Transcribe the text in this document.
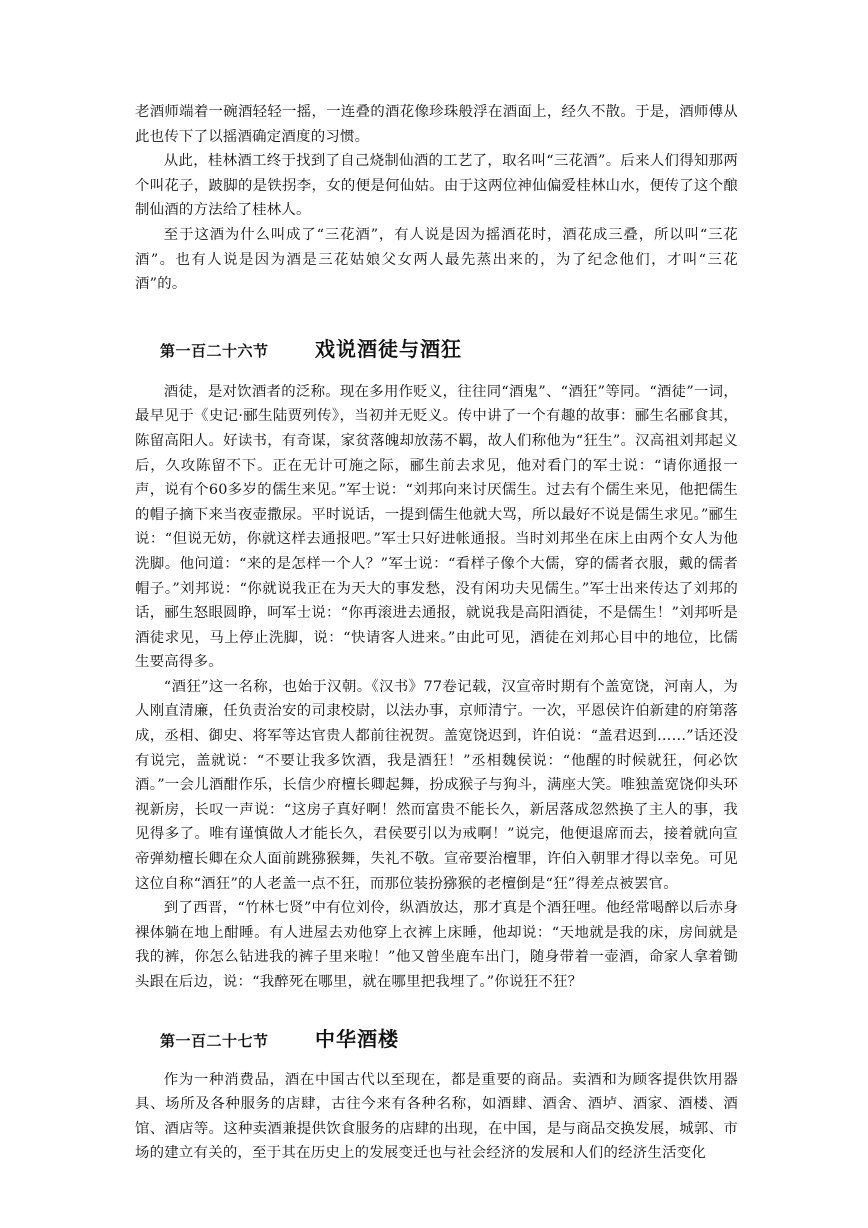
老酒师端着一碗酒轻轻一摇，一连叠的酒花像珍珠般浮在酒面上，经久不散。于是，酒师傅从此也传下了以摇酒确定酒度的习惯。

从此，桂林酒工终于找到了自己烧制仙酒的工艺了，取名叫“三花酒”。后来人们得知那两个叫花子，跛脚的是铁拐李，女的便是何仙姑。由于这两位神仙偏爱桂林山水，便传了这个酿制仙酒的方法给了桂林人。

至于这酒为什么叫成了“三花酒”，有人说是因为摇酒花时，酒花成三叠，所以叫“三花酒”。也有人说是因为酒是三花姑娘父女两人最先蒸出来的，为了纪念他们，才叫“三花酒”的。

第一百二十六节	戏说酒徒与酒狂

酒徒，是对饮酒者的泛称。现在多用作贬义，往往同“酒鬼”、“酒狂”等同。“酒徒”一词，最早见于《史记·郦生陆贾列传》，当初并无贬义。传中讲了一个有趣的故事：郦生名郦食其，陈留高阳人。好读书，有奇谋，家贫落魄却放荡不羁，故人们称他为“狂生”。汉高祖刘邦起义后，久攻陈留不下。正在无计可施之际，郦生前去求见，他对看门的军士说：“请你通报一声，说有个60多岁的儒生来见。”军士说：“刘邦向来讨厌儒生。过去有个儒生来见，他把儒生的帽子摘下来当夜壶撒尿。平时说话，一提到儒生他就大骂，所以最好不说是儒生求见。”郦生说：“但说无妨，你就这样去通报吧。”军士只好进帐通报。当时刘邦坐在床上由两个女人为他洗脚。他问道：“来的是怎样一个人？”军士说：“看样子像个大儒，穿的儒者衣服，戴的儒者帽子。”刘邦说：“你就说我正在为天大的事发愁，没有闲功夫见儒生。”军士出来传达了刘邦的话，郦生怒眼圆睁，呵军士说：“你再滚进去通报，就说我是高阳酒徒，不是儒生！”刘邦听是酒徒求见，马上停止洗脚，说：“快请客人进来。”由此可见，酒徒在刘邦心目中的地位，比儒生要高得多。

“酒狂”这一名称，也始于汉朝。《汉书》77卷记载，汉宣帝时期有个盖宽饶，河南人，为人刚直清廉，任负责治安的司隶校尉，以法办事，京师清宁。一次，平恩侯许伯新建的府第落成，丞相、御史、将军等达官贵人都前往祝贺。盖宽饶迟到，许伯说：“盖君迟到……”话还没有说完，盖就说：“不要让我多饮酒，我是酒狂！”丞相魏侯说：“他醒的时候就狂，何必饮酒。”一会儿酒酣作乐，长信少府檀长卿起舞，扮成猴子与狗斗，满座大笑。唯独盖宽饶仰头环视新房，长叹一声说：“这房子真好啊！然而富贵不能长久，新居落成忽然换了主人的事，我见得多了。唯有谨慎做人才能长久，君侯要引以为戒啊！”说完，他便退席而去，接着就向宣帝弹劾檀长卿在众人面前跳猕猴舞，失礼不敬。宣帝要治檀罪，许伯入朝罪才得以幸免。可见这位自称“酒狂”的人老盖一点不狂，而那位装扮猕猴的老檀倒是“狂”得差点被罢官。

到了西晋，“竹林七贤”中有位刘伶，纵酒放达，那才真是个酒狂哩。他经常喝醉以后赤身裸体躺在地上酣睡。有人进屋去劝他穿上衣裤上床睡，他却说：“天地就是我的床，房间就是我的裤，你怎么钻进我的裤子里来啦！”他又曾坐鹿车出门，随身带着一壶酒，命家人拿着锄头跟在后边，说：“我醉死在哪里，就在哪里把我埋了。”你说狂不狂？

第一百二十七节	中华酒楼

作为一种消费品，酒在中国古代以至现在，都是重要的商品。卖酒和为顾客提供饮用器具、场所及各种服务的店肆，古往今来有各种名称，如酒肆、酒舍、酒垆、酒家、酒楼、酒馆、酒店等。这种卖酒兼提供饮食服务的店肆的出现，在中国，是与商品交换发展，城郭、市场的建立有关的，至于其在历史上的发展变迁也与社会经济的发展和人们的经济生活变化
